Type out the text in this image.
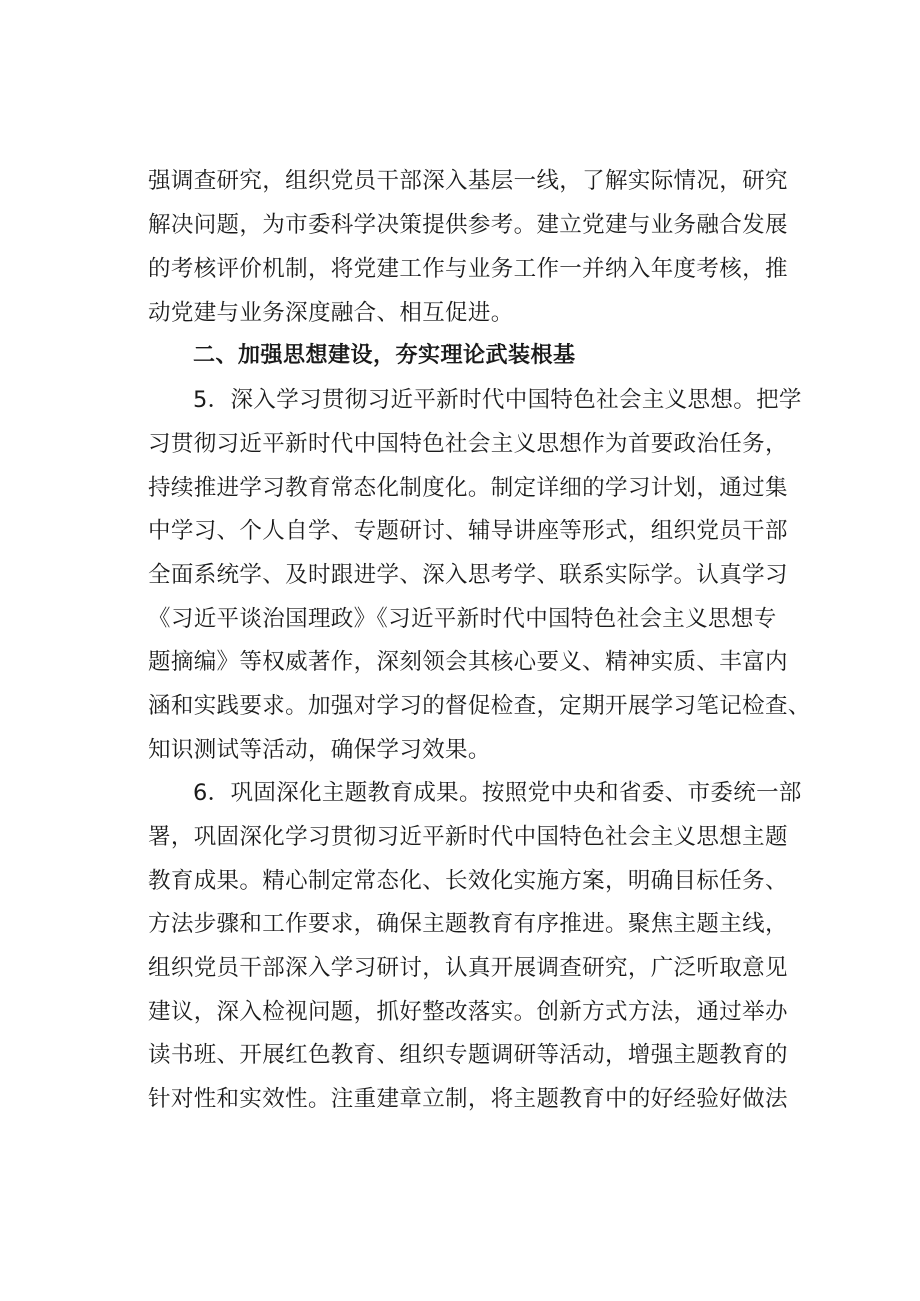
强调查研究，组织党员干部深入基层一线，了解实际情况，研究
解决问题，为市委科学决策提供参考。建立党建与业务融合发展
的考核评价机制，将党建工作与业务工作一并纳入年度考核，推
动党建与业务深度融合、相互促进。
二、加强思想建设，夯实理论武装根基
5．深入学习贯彻习近平新时代中国特色社会主义思想。把学
习贯彻习近平新时代中国特色社会主义思想作为首要政治任务，
持续推进学习教育常态化制度化。制定详细的学习计划，通过集
中学习、个人自学、专题研讨、辅导讲座等形式，组织党员干部
全面系统学、及时跟进学、深入思考学、联系实际学。认真学习
《习近平谈治国理政》《习近平新时代中国特色社会主义思想专
题摘编》等权威著作，深刻领会其核心要义、精神实质、丰富内
涵和实践要求。加强对学习的督促检查，定期开展学习笔记检查、
知识测试等活动，确保学习效果。
6．巩固深化主题教育成果。按照党中央和省委、市委统一部
署，巩固深化学习贯彻习近平新时代中国特色社会主义思想主题
教育成果。精心制定常态化、长效化实施方案，明确目标任务、
方法步骤和工作要求，确保主题教育有序推进。聚焦主题主线，
组织党员干部深入学习研讨，认真开展调查研究，广泛听取意见
建议，深入检视问题，抓好整改落实。创新方式方法，通过举办
读书班、开展红色教育、组织专题调研等活动，增强主题教育的
针对性和实效性。注重建章立制，将主题教育中的好经验好做法
